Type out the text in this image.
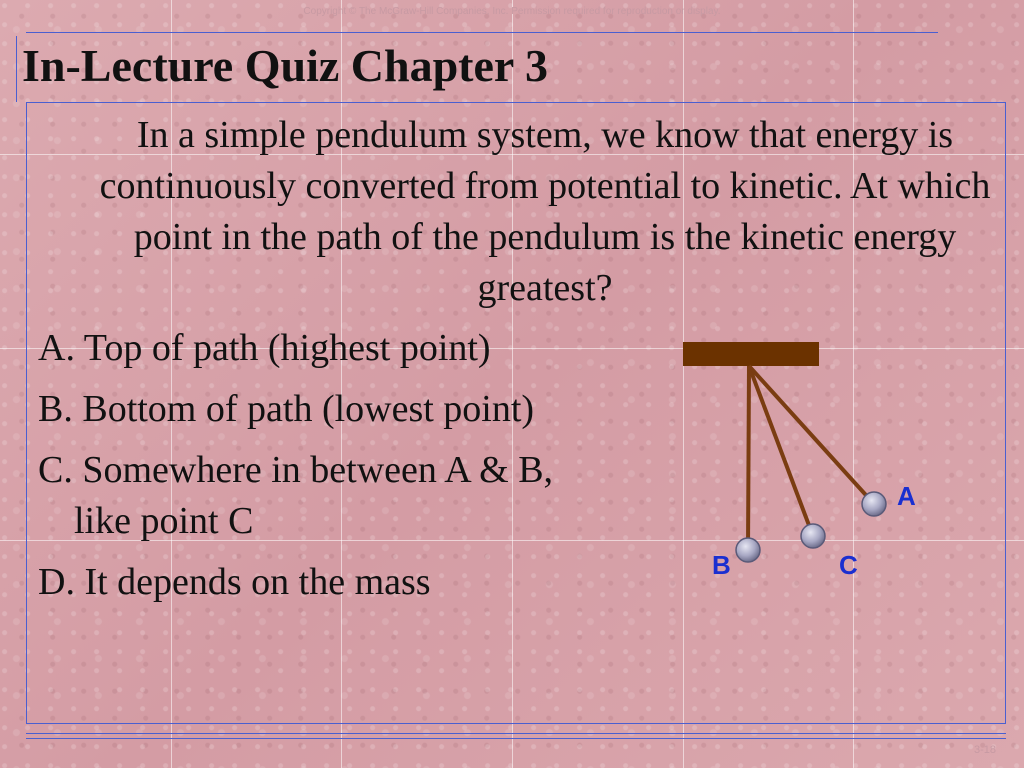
Copyright © The McGraw-Hill Companies, Inc. Permission required for reproduction or display.
In-Lecture Quiz Chapter 3
In a simple pendulum system, we know that energy is continuously converted from potential to kinetic. At which point in the path of the pendulum is the kinetic energy greatest?
A. Top of path (highest point)
B. Bottom of path (lowest point)
C. Somewhere in between A & B,
like point C
D. It depends on the mass
A
B	C
3-18
